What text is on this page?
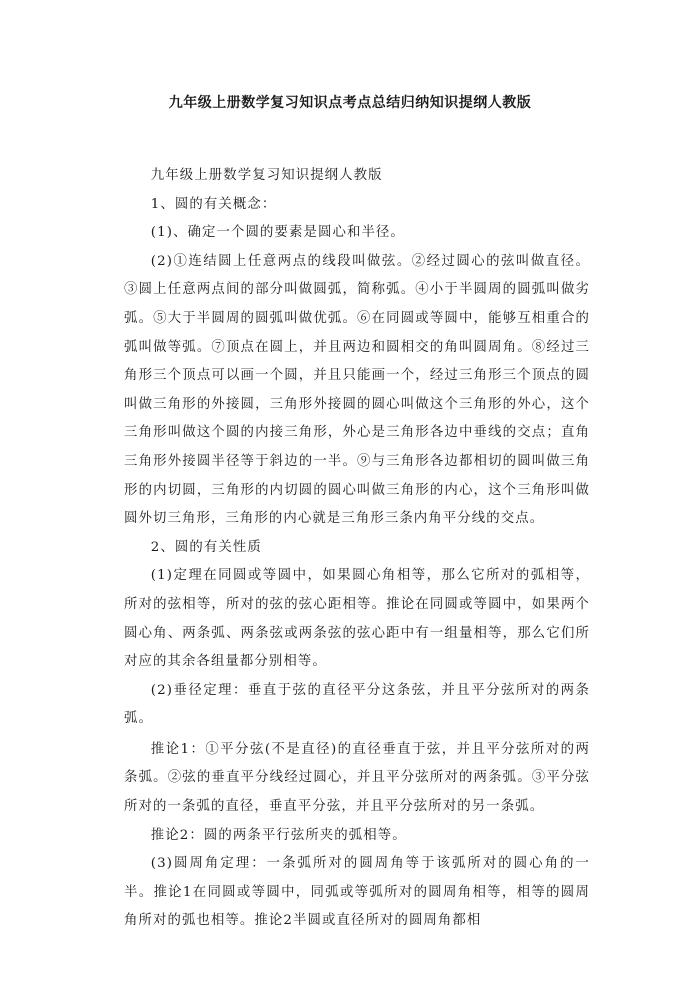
九年级上册数学复习知识点考点总结归纳知识提纲人教版

九年级上册数学复习知识提纲人教版

1、圆的有关概念：

(1)、确定一个圆的要素是圆心和半径。

(2)①连结圆上任意两点的线段叫做弦。②经过圆心的弦叫做直径。③圆上任意两点间的部分叫做圆弧，简称弧。④小于半圆周的圆弧叫做劣弧。⑤大于半圆周的圆弧叫做优弧。⑥在同圆或等圆中，能够互相重合的弧叫做等弧。⑦顶点在圆上，并且两边和圆相交的角叫圆周角。⑧经过三角形三个顶点可以画一个圆，并且只能画一个，经过三角形三个顶点的圆叫做三角形的外接圆，三角形外接圆的圆心叫做这个三角形的外心，这个三角形叫做这个圆的内接三角形，外心是三角形各边中垂线的交点；直角三角形外接圆半径等于斜边的一半。⑨与三角形各边都相切的圆叫做三角形的内切圆，三角形的内切圆的圆心叫做三角形的内心，这个三角形叫做圆外切三角形，三角形的内心就是三角形三条内角平分线的交点。

2、圆的有关性质

(1)定理在同圆或等圆中，如果圆心角相等，那么它所对的弧相等，所对的弦相等，所对的弦的弦心距相等。推论在同圆或等圆中，如果两个圆心角、两条弧、两条弦或两条弦的弦心距中有一组量相等，那么它们所对应的其余各组量都分别相等。

(2)垂径定理：垂直于弦的直径平分这条弦，并且平分弦所对的两条弧。

推论1：①平分弦(不是直径)的直径垂直于弦，并且平分弦所对的两条弧。②弦的垂直平分线经过圆心，并且平分弦所对的两条弧。③平分弦所对的一条弧的直径，垂直平分弦，并且平分弦所对的另一条弧。

推论2：圆的两条平行弦所夹的弧相等。

(3)圆周角定理：一条弧所对的圆周角等于该弧所对的圆心角的一半。推论1在同圆或等圆中，同弧或等弧所对的圆周角相等，相等的圆周角所对的弧也相等。推论2半圆或直径所对的圆周角都相
